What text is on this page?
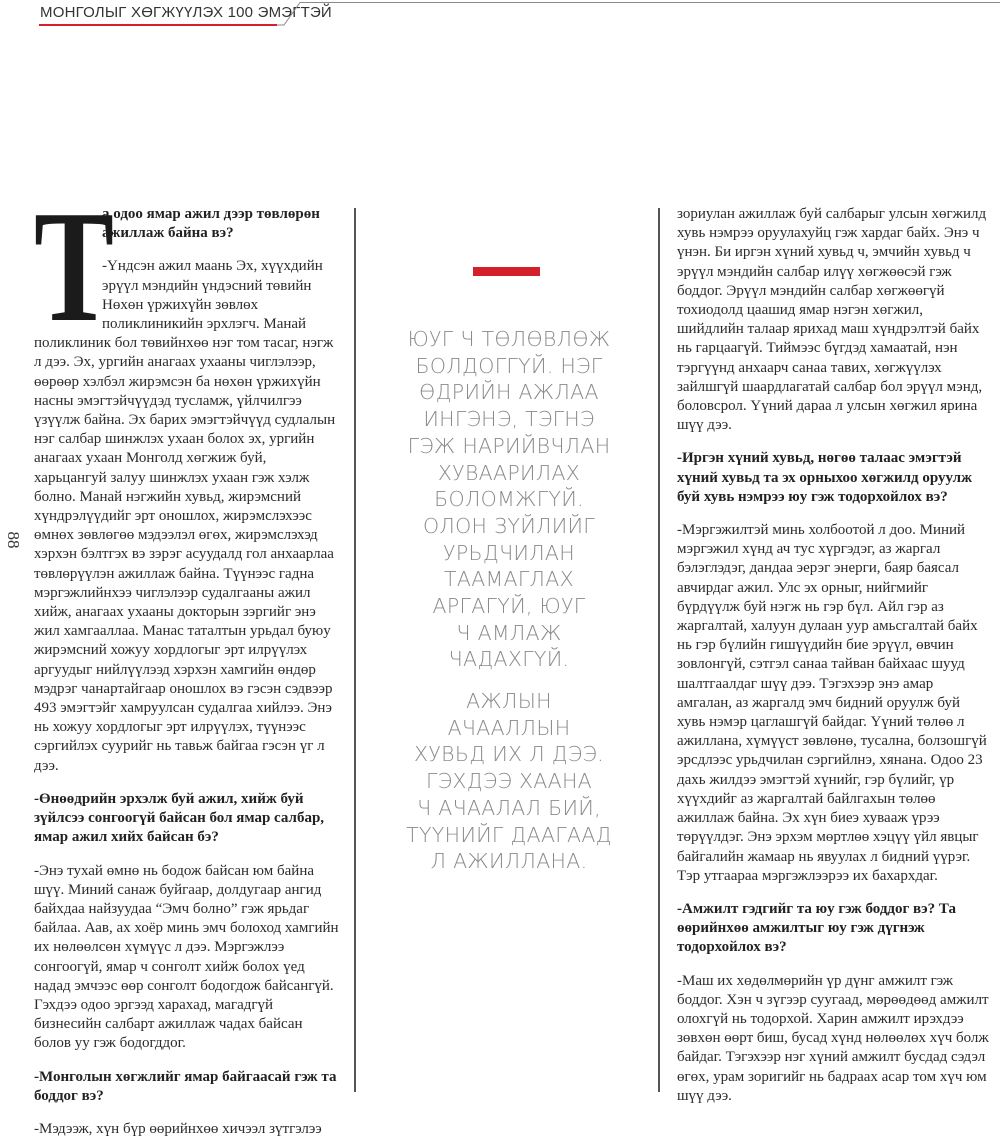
МОНГОЛЫГ ХӨГЖҮҮЛЭХ 100 ЭМЭГТЭЙ
88
Т

а одоо ямар ажил дээр төвлөрөн ажиллаж байна вэ?

-Үндсэн ажил маань Эх, хүүхдийн эрүүл мэндийн үндэсний төвийн Нөхөн үржихүйн зөвлөх поликлиникийн эрхлэгч. Манай поликлиник бол төвийнхөө нэг том тасаг, нэгж л дээ. Эх, ургийн анагаах ухааны чиглэлээр, өөрөөр хэлбэл жирэмсэн ба нөхөн үржихүйн насны эмэгтэйчүүдэд тусламж, үйлчилгээ үзүүлж байна. Эх барих эмэгтэйчүүд судлалын нэг салбар шинжлэх ухаан болох эх, ургийн анагаах ухаан Монголд хөгжиж буй, харьцангуй залуу шинжлэх ухаан гэж хэлж болно. Манай нэгжийн хувьд, жирэмсний хүндрэлүүдийг эрт оношлох, жирэмслэхээс өмнөх зөвлөгөө мэдээлэл өгөх, жирэмслэхэд хэрхэн бэлтгэх вэ зэрэг асуудалд гол анхаарлаа төвлөрүүлэн ажиллаж байна. Түүнээс гадна мэргэжлийнхээ чиглэлээр судалгааны ажил хийж, анагаах ухааны докторын зэргийг энэ жил хамгааллаа. Манас таталтын урьдал буюу жирэмсний хожуу хордлогыг эрт илрүүлэх аргуудыг нийлүүлээд хэрхэн хамгийн өндөр мэдрэг чанартайгаар оношлох вэ гэсэн сэдвээр 493 эмэгтэйг хамруулсан судалгаа хийлээ. Энэ нь хожуу хордлогыг эрт илрүүлэх, түүнээс сэргийлэх суурийг нь тавьж байгаа гэсэн үг л дээ.

-Өнөөдрийн эрхэлж буй ажил, хийж буй зүйлсээ сонгоогүй байсан бол ямар салбар, ямар ажил хийх байсан бэ?

-Энэ тухай өмнө нь бодож байсан юм байна шүү. Миний санаж буйгаар, долдугаар ангид байхдаа найзуудаа “Эмч болно” гэж ярьдаг байлаа. Аав, ах хоёр минь эмч болоход хамгийн их нөлөөлсөн хүмүүс л дээ. Мэргэжлээ сонгоогүй, ямар ч сонголт хийж болох үед надад эмчээс өөр сонголт бодогдож байсангүй. Гэхдээ одоо эргээд харахад, магадгүй бизнесийн салбарт ажиллаж чадах байсан болов уу гэж бодогддог.

-Монголын хөгжлийг ямар байгаасай гэж та боддог вэ?

-Мэдээж, хүн бүр өөрийнхөө хичээл зүтгэлээ

ЮУГ Ч ТӨЛӨВЛӨЖ
БОЛДОГГҮЙ. НЭГ
ӨДРИЙН АЖЛАА
ИНГЭНЭ, ТЭГНЭ
ГЭЖ НАРИЙВЧЛАН
ХУВААРИЛАХ
БОЛОМЖГҮЙ.
ОЛОН ЗҮЙЛИЙГ
УРЬДЧИЛАН
ТААМАГЛАХ
АРГАГҮЙ, ЮУГ
Ч АМЛАЖ
ЧАДАХГҮЙ.
АЖЛЫН
АЧААЛЛЫН
ХУВЬД ИХ Л ДЭЭ.
ГЭХДЭЭ ХААНА
Ч АЧААЛАЛ БИЙ,
ТҮҮНИЙГ ДААГААД
Л АЖИЛЛАНА.

зориулан ажиллаж буй салбарыг улсын хөгжилд хувь нэмрээ оруулахуйц гэж хардаг байх. Энэ ч үнэн. Би иргэн хүний хувьд ч, эмчийн хувьд ч эрүүл мэндийн салбар илүү хөгжөөсэй гэж боддог. Эрүүл мэндийн салбар хөгжөөгүй тохиодолд цаашид ямар нэгэн хөгжил, шийдлийн талаар ярихад маш хүндрэлтэй байх нь гарцаагүй. Тиймээс бүгдэд хамаатай, нэн тэргүүнд анхаарч санаа тавих, хөгжүүлэх зайлшгүй шаардлагатай салбар бол эрүүл мэнд, боловсрол. Үүний дараа л улсын хөгжил ярина шүү дээ.

-Иргэн хүний хувьд, нөгөө талаас эмэгтэй хүний хувьд та эх орныхоо хөгжилд оруулж буй хувь нэмрээ юу гэж тодорхойлох вэ?

-Мэргэжилтэй минь холбоотой л доо. Миний мэргэжил хүнд ач тус хүргэдэг, аз жаргал бэлэглэдэг, дандаа эерэг энерги, баяр баясал авчирдаг ажил. Улс эх орныг, нийгмийг бүрдүүлж буй нэгж нь гэр бүл. Айл гэр аз жаргалтай, халуун дулаан уур амьсгалтай байх нь гэр бүлийн гишүүдийн бие эрүүл, өвчин зовлонгүй, сэтгэл санаа тайван байхаас шууд шалтгаалдаг шүү дээ. Тэгэхээр энэ амар амгалан, аз жаргалд эмч бидний оруулж буй хувь нэмэр цаглашгүй байдаг. Үүний төлөө л ажиллана, хүмүүст зөвлөнө, тусална, болзошгүй эрсдлээс урьдчилан сэргийлнэ, хянана. Одоо 23 дахь жилдээ эмэгтэй хүнийг, гэр бүлийг, үр хүүхдийг аз жаргалтай байлгахын төлөө ажиллаж байна. Эх хүн биеэ хувааж үрээ төрүүлдэг. Энэ эрхэм мөртлөө хэцүү үйл явцыг байгалийн жамаар нь явуулах л бидний үүрэг. Тэр утгаараа мэргэжлээрээ их бахархдаг.

-Амжилт гэдгийг та юу гэж боддог вэ? Та өөрийнхөө амжилтыг юу гэж дүгнэж тодорхойлох вэ?

-Маш их хөдөлмөрийн үр дүнг амжилт гэж боддог. Хэн ч зүгээр суугаад, мөрөөдөөд амжилт олохгүй нь тодорхой. Харин амжилт ирэхдээ зөвхөн өөрт биш, бусад хүнд нөлөөлөх хүч болж байдаг. Тэгэхээр нэг хүний амжилт бусдад сэдэл өгөх, урам зоригийг нь бадраах асар том хүч юм шүү дээ.
